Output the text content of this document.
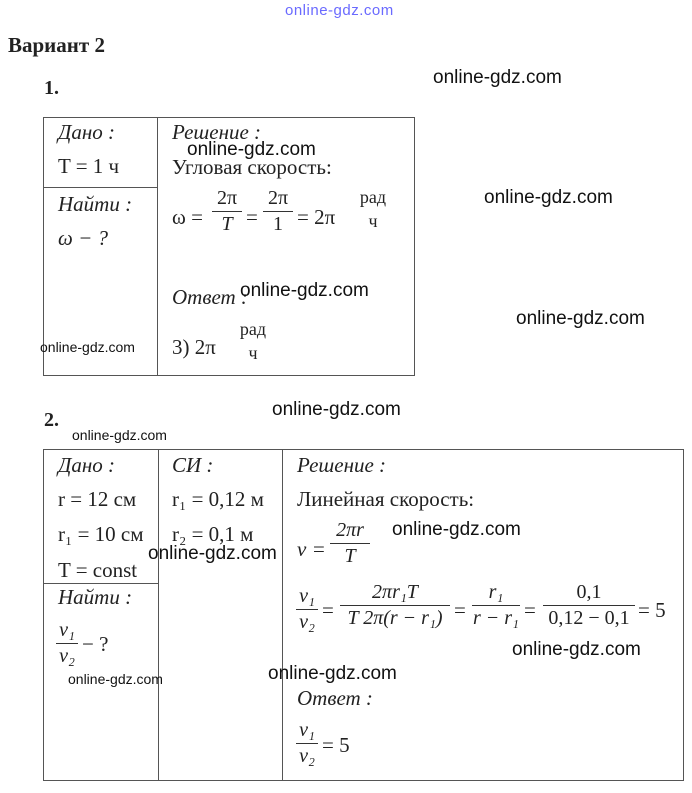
online-gdz.com
Вариант 2
1.
Дано :
T = 1 ч
Найти :
ω − ?
Решение :
Угловая скорость:
ω =
2π
T =
2π
1 = 2π
рад
ч
Ответ :
3) 2π
рад
ч
2.
Дано :
r = 12 см
r₁ = 10 см
T = const
СИ :
r₁ = 0,12 м
r₂ = 0,1 м
Найти :
v₁
v₂ − ?
Решение :
Линейная скорость:
v =
2πr
T
v₁
v₂ =
2πr₁T
T 2π(r − r₁) =
r₁
r − r₁ =
0,1
0,12 − 0,1 = 5
Ответ :
v₁
v₂ = 5
online-gdz.com
online-gdz.com
online-gdz.com
online-gdz.com
online-gdz.com
online-gdz.com
online-gdz.com
online-gdz.com
online-gdz.com
online-gdz.com
online-gdz.com
online-gdz.com
online-gdz.com
